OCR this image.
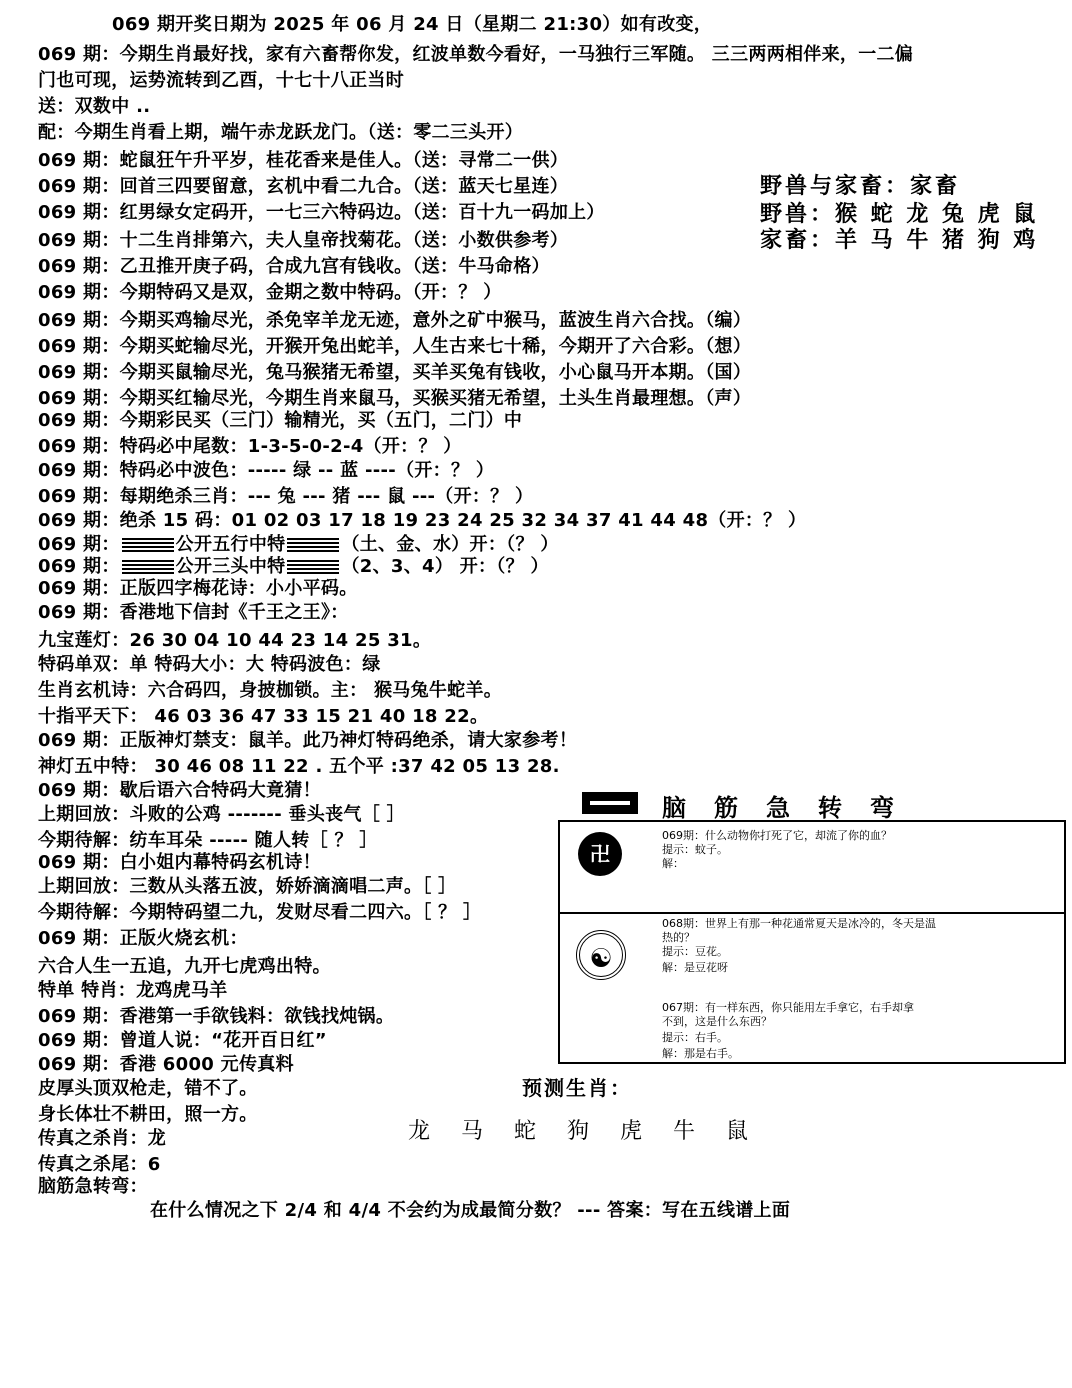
069 期开奖日期为 2025 年 06 月 24 日（星期二 21:30）如有改变，
069 期：今期生肖最好找，家有六畜帮你发，红波单数今看好，一马独行三军随。 三三两两相伴来，一二偏
门也可现，运势流转到乙酉，十七十八正当时
送：双数中 ..
配：今期生肖看上期，端午赤龙跃龙门。（送：零二三头开）
069 期：蛇鼠狂午升平岁，桂花香来是佳人。（送：寻常二一供）
069 期：回首三四要留意，玄机中看二九合。（送：蓝天七星连）
069 期：红男绿女定码开，一七三六特码边。（送：百十九一码加上）
069 期：十二生肖排第六，夫人皇帝找菊花。（送：小数供参考）
069 期：乙丑推开庚子码，合成九宫有钱收。（送：牛马命格）
069 期：今期特码又是双，金期之数中特码。（开：？ ）
069 期：今期买鸡输尽光，杀免宰羊龙无迹，意外之矿中猴马，蓝波生肖六合找。（编）
069 期：今期买蛇输尽光，开猴开兔出蛇羊，人生古来七十稀，今期开了六合彩。（想）
069 期：今期买鼠输尽光，兔马猴猪无希望，买羊买兔有钱收，小心鼠马开本期。（国）
069 期：今期买红输尽光，今期生肖来鼠马，买猴买猪无希望，土头生肖最理想。（声）
069 期：今期彩民买（三门）输精光，买（五门，二门）中
069 期：特码必中尾数：1-3-5-0-2-4（开：？ ）
069 期：特码必中波色：----- 绿 -- 蓝 ----（开：？ ）
069 期：每期绝杀三肖：--- 兔 --- 猪 --- 鼠 ---（开：？ ）
069 期：绝杀 15 码：01 02 03 17 18 19 23 24 25 32 34 37 41 44 48（开：？ ）
069 期：	公开五行中特	（土、金、水）开：（？ ）
069 期：	公开三头中特	（2、3、4） 开：（？ ）
069 期：正版四字梅花诗：小小平码。
069 期：香港地下信封《千王之王》：
九宝莲灯：26 30 04 10 44 23 14 25 31。
特码单双：单 特码大小：大 特码波色：绿
生肖玄机诗：六合码四，身披枷锁。主： 猴马兔牛蛇羊。
十指平天下： 46 03 36 47 33 15 21 40 18 22。
069 期：正版神灯禁支：鼠羊。此乃神灯特码绝杀，请大家参考！
神灯五中特： 30 46 08 11 22 . 五个平 :37 42 05 13 28.
069 期：歇后语六合特码大竟猜！
上期回放：斗败的公鸡 ------- 垂头丧气［ ］
今期待解：纺车耳朵 ----- 随人转［ ？ ］
069 期：白小姐内幕特码玄机诗！
上期回放：三数从头落五波，娇娇滴滴唱二声。［ ］
今期待解：今期特码望二九，发财尽看二四六。［ ？ ］
069 期：正版火烧玄机：
六合人生一五追，九开七虎鸡出特。
特单 特肖：龙鸡虎马羊
069 期：香港第一手欲钱料：欲钱找炖锅。
069 期：曾道人说：“花开百日红”
069 期：香港 6000 元传真料
皮厚头顶双枪走，错不了。
身长体壮不耕田，照一方。
传真之杀肖：龙
传真之杀尾：6
脑筋急转弯：
在什么情况之下 2/4 和 4/4 不会约为成最简分数？ --- 答案：写在五线谱上面
野兽与家畜：家畜
野兽：猴 蛇 龙 兔 虎 鼠
家畜：羊 马 牛 猪 狗 鸡
脑筋急转弯
卍
069期：什么动物你打死了它，却流了你的血？
提示：蚊子。
解：
☯
068期：世界上有那一种花通常夏天是冰冷的，冬天是温
热的？
提示：豆花。
解：是豆花呀
067期：有一样东西，你只能用左手拿它，右手却拿
不到，这是什么东西？
提示：右手。
解：那是右手。
预测生肖：
龙 马 蛇 狗 虎 牛 鼠
